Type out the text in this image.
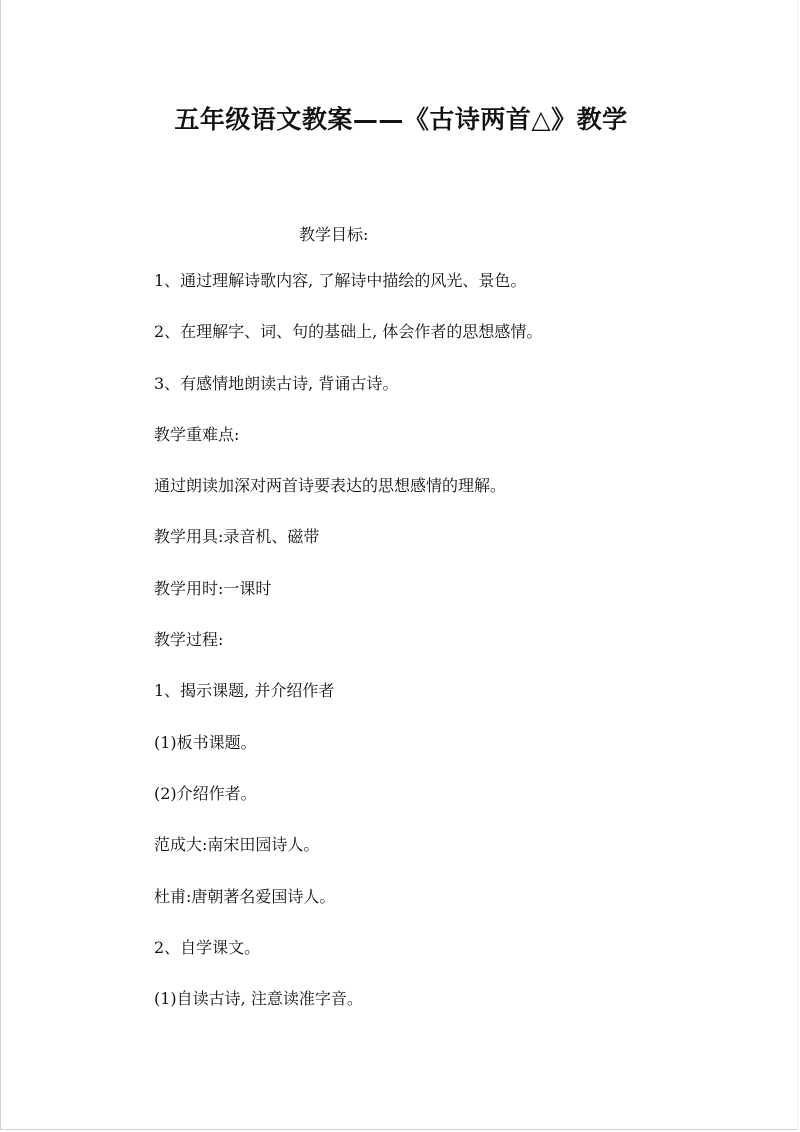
五年级语文教案——《古诗两首△》教学
教学目标:
1、通过理解诗歌内容, 了解诗中描绘的风光、景色。
2、在理解字、词、句的基础上, 体会作者的思想感情。
3、有感情地朗读古诗, 背诵古诗。
教学重难点:
通过朗读加深对两首诗要表达的思想感情的理解。
教学用具:录音机、磁带
教学用时:一课时
教学过程:
1、揭示课题, 并介绍作者
(1)板书课题。
(2)介绍作者。
范成大:南宋田园诗人。
杜甫:唐朝著名爱国诗人。
2、自学课文。
(1)自读古诗, 注意读准字音。
